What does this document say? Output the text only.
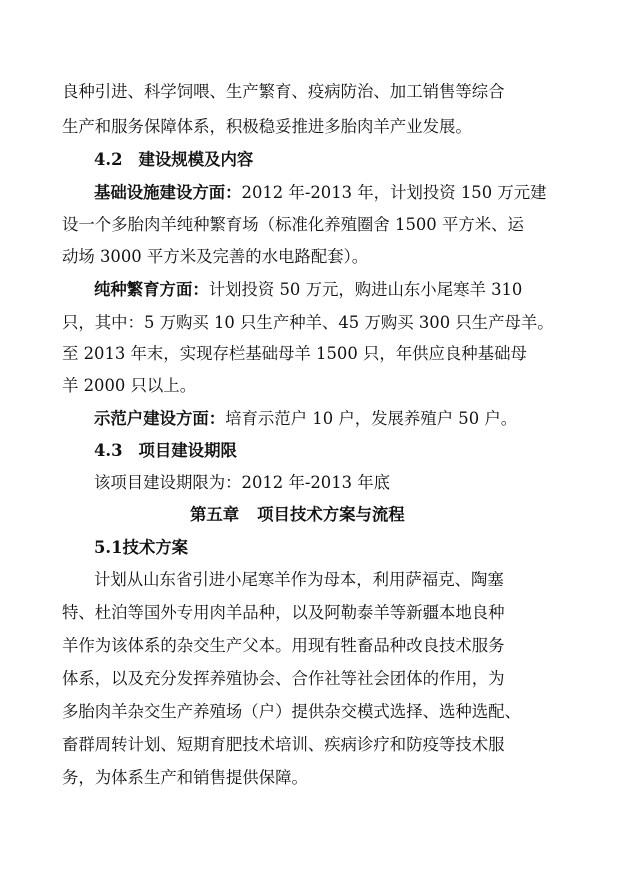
良种引进、科学饲喂、生产繁育、疫病防治、加工销售等综合
生产和服务保障体系，积极稳妥推进多胎肉羊产业发展。
4.2 建设规模及内容
基础设施建设方面：2012 年-2013 年，计划投资 150 万元建
设一个多胎肉羊纯种繁育场（标准化养殖圈舍 1500 平方米、运
动场 3000 平方米及完善的水电路配套）。
纯种繁育方面：计划投资 50 万元，购进山东小尾寒羊 310
只，其中：5 万购买 10 只生产种羊、45 万购买 300 只生产母羊。
至 2013 年末，实现存栏基础母羊 1500 只，年供应良种基础母
羊 2000 只以上。
示范户建设方面：培育示范户 10 户，发展养殖户 50 户。
4.3 项目建设期限
该项目建设期限为：2012 年-2013 年底
第五章 项目技术方案与流程
5.1技术方案
计划从山东省引进小尾寒羊作为母本，利用萨福克、陶塞
特、杜泊等国外专用肉羊品种，以及阿勒泰羊等新疆本地良种
羊作为该体系的杂交生产父本。用现有牲畜品种改良技术服务
体系，以及充分发挥养殖协会、合作社等社会团体的作用，为
多胎肉羊杂交生产养殖场（户）提供杂交模式选择、选种选配、
畜群周转计划、短期育肥技术培训、疾病诊疗和防疫等技术服
务，为体系生产和销售提供保障。
